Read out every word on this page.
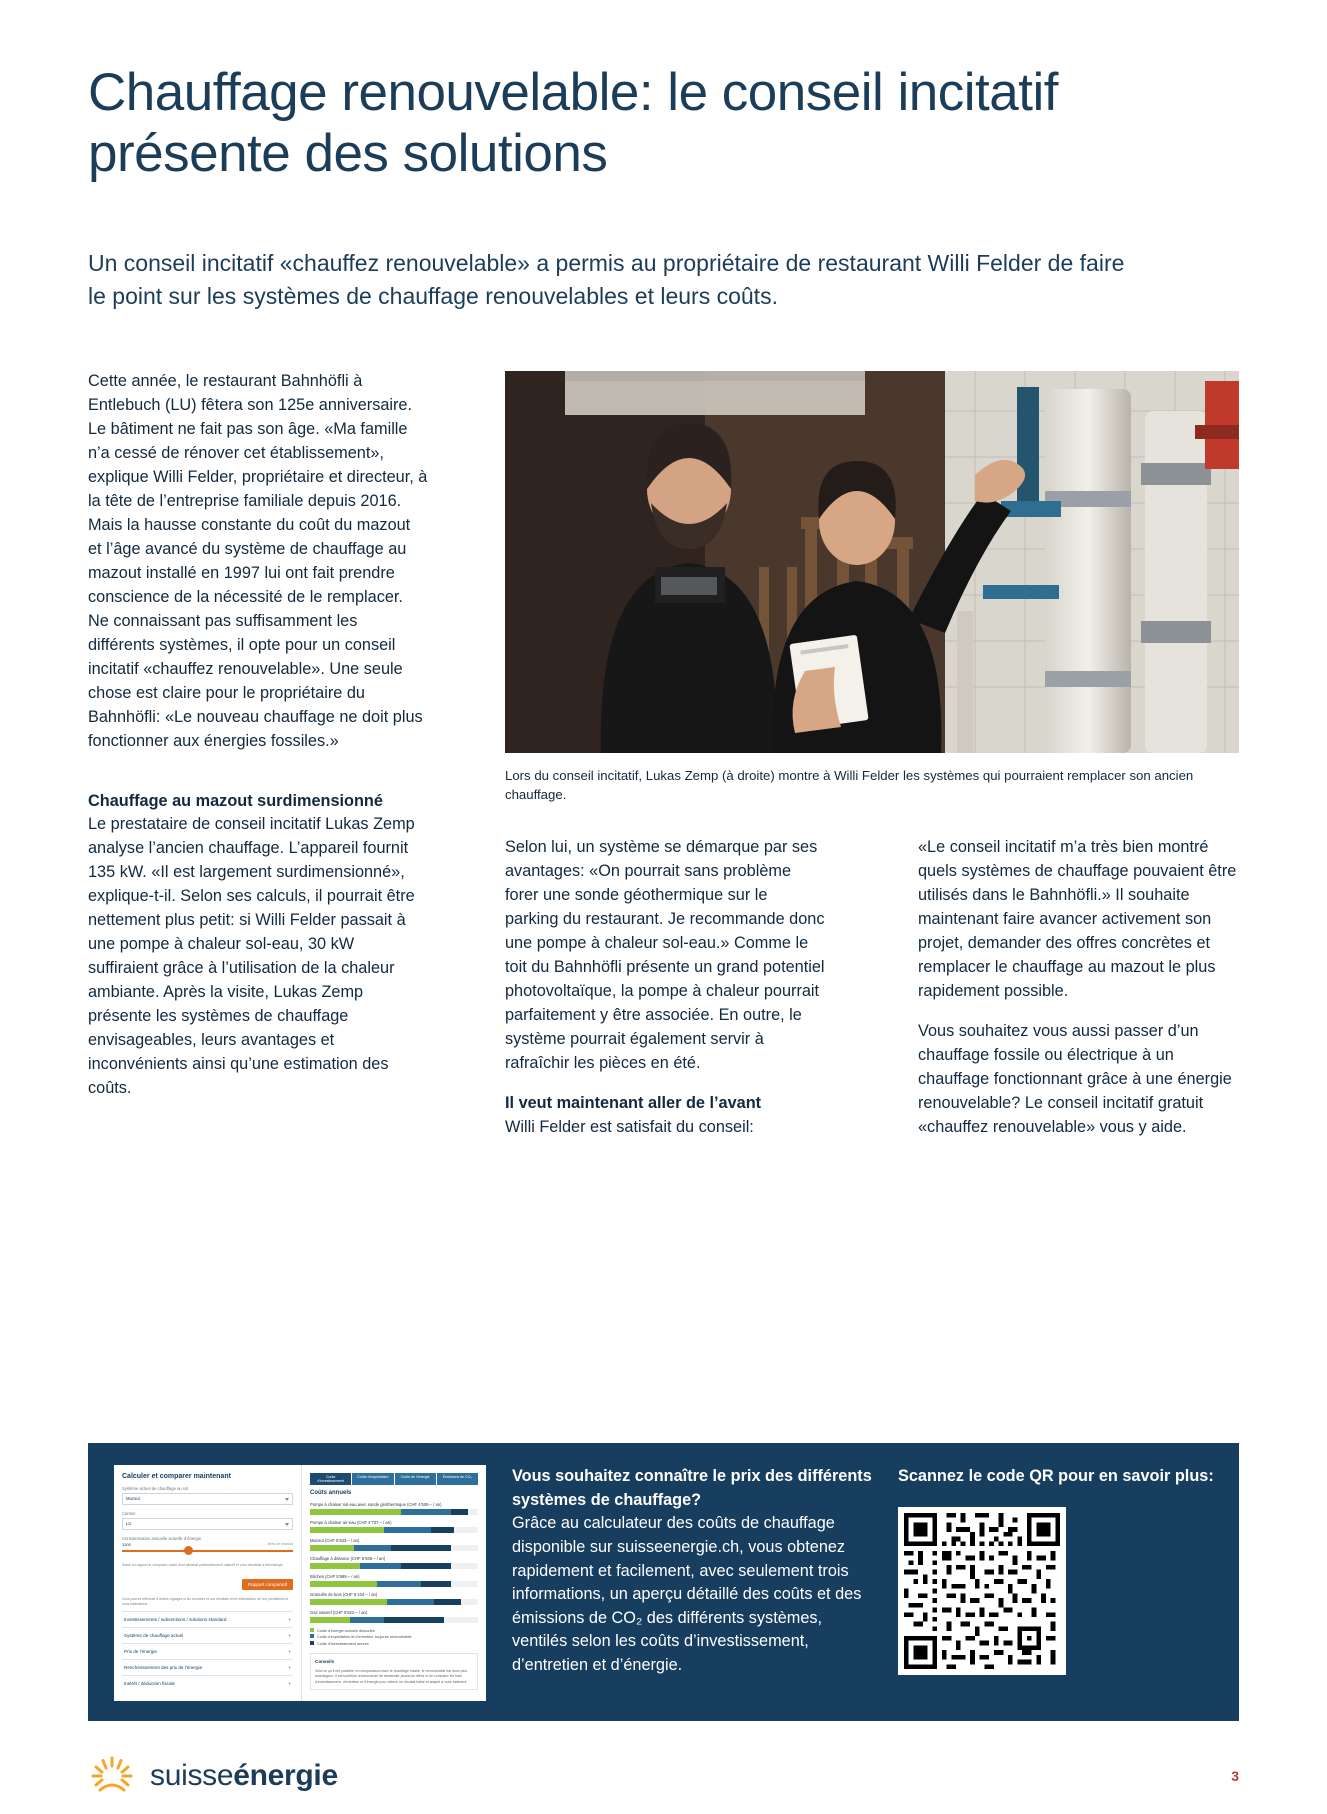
Chauffage renouvelable: le conseil incitatif présente des solutions

Un conseil incitatif «chauffez renouvelable» a permis au propriétaire de restaurant Willi Felder de faire le point sur les systèmes de chauffage renouvelables et leurs coûts.

Cette année, le restaurant Bahnhöfli à Entlebuch (LU) fêtera son 125e anniversaire. Le bâtiment ne fait pas son âge. «Ma famille n’a cessé de rénover cet établissement», explique Willi Felder, propriétaire et directeur, à la tête de l’entreprise familiale depuis 2016. Mais la hausse constante du coût du mazout et l’âge avancé du système de chauffage au mazout installé en 1997 lui ont fait prendre conscience de la nécessité de le remplacer. Ne connaissant pas suffisamment les différents systèmes, il opte pour un conseil incitatif «chauffez renouvelable». Une seule chose est claire pour le propriétaire du Bahnhöfli: «Le nouveau chauffage ne doit plus fonctionner aux énergies fossiles.»

Chauffage au mazout surdimensionné

Le prestataire de conseil incitatif Lukas Zemp analyse l’ancien chauffage. L’appareil fournit 135 kW. «Il est largement surdimensionné», explique-t-il. Selon ses calculs, il pourrait être nettement plus petit: si Willi Felder passait à une pompe à chaleur sol-eau, 30 kW suffiraient grâce à l’utilisation de la chaleur ambiante. Après la visite, Lukas Zemp présente les systèmes de chauffage envisageables, leurs avantages et inconvénients ainsi qu’une estimation des coûts.

Lors du conseil incitatif, Lukas Zemp (à droite) montre à Willi Felder les systèmes qui pourraient remplacer son ancien chauffage.

Selon lui, un système se démarque par ses avantages: «On pourrait sans problème forer une sonde géothermique sur le parking du restaurant. Je recommande donc une pompe à chaleur sol-eau.» Comme le toit du Bahnhöfli présente un grand potentiel photovoltaïque, la pompe à chaleur pourrait parfaitement y être associée. En outre, le système pourrait également servir à rafraîchir les pièces en été.

Il veut maintenant aller de l’avant

Willi Felder est satisfait du conseil:

«Le conseil incitatif m’a très bien montré quels systèmes de chauffage pouvaient être utilisés dans le Bahnhöfli.» Il souhaite maintenant faire avancer activement son projet, demander des offres concrètes et remplacer le chauffage au mazout le plus rapidement possible.

Vous souhaitez vous aussi passer d’un chauffage fossile ou électrique à un chauffage fonctionnant grâce à une énergie renouvelable? Le conseil incitatif gratuit «chauffez renouvelable» vous y aide.

Calculer et comparer maintenant
Système actuel de chauffage au sol
Mazout
Canton
LU
Consommation annuelle actuelle d’énergie
3300	litres de mazout
Saisir ou rapport le comparer, saisir dont aimerait préférablement objectif et vous résultats à télécharger.
Rapport comparatif
Vous pouvez effectuer d’autres réglages si les données et vos résultats et les estimations de nos prestations et vous estimations.
Investissements / subventions / solutions standard	+
Système de chauffage actuel	+
Prix de l’énergie	+
Renchérissement des prix de l’énergie	+
Intérêt / déduction fiscale	+
Coûts d’investissement
Coûts d’exploitation	Coûts de l’énergie	Émissions de CO₂
Coûts annuels
Pompe à chaleur sol-eau avec sonde géothermique (CHF 4’509.– / an)
Pompe à chaleur air-eau (CHF 4’737.– / an)
Mazout (CHF 5’533.– / an)
Chauffage à distance (CHF 5’948.– / an)
Bûches (CHF 5’989.– / an)
Granulés de bois (CHF 6’104.– / an)
Gaz naturel (CHF 5’522.– / an)
Coûts d’énergie annuels dissociés
Coûts d’exploitation et d’entretien, toujours renouvelable
Coûts d’investissement annuel
Conseils
Voici ce qu’il est possible: en comparaison avec le chauffage fossile, le renouvelable est donc plus avantageux. Il est toutefois recommandé de demander plusieurs offres et de comparer les frais d’investissement, d’entretien et d’énergie pour obtenir un résultat fiable et adapté à votre bâtiment.
Vous souhaitez connaître le prix des différents systèmes de chauffage?
Grâce au calculateur des coûts de chauffage disponible sur suisseenergie.ch, vous obtenez rapidement et facilement, avec seulement trois informations, un aperçu détaillé des coûts et des émissions de CO₂ des différents systèmes, ventilés selon les coûts d’investissement, d’entretien et d’énergie.
Scannez le code QR pour en savoir plus:
suisseénergie	3
